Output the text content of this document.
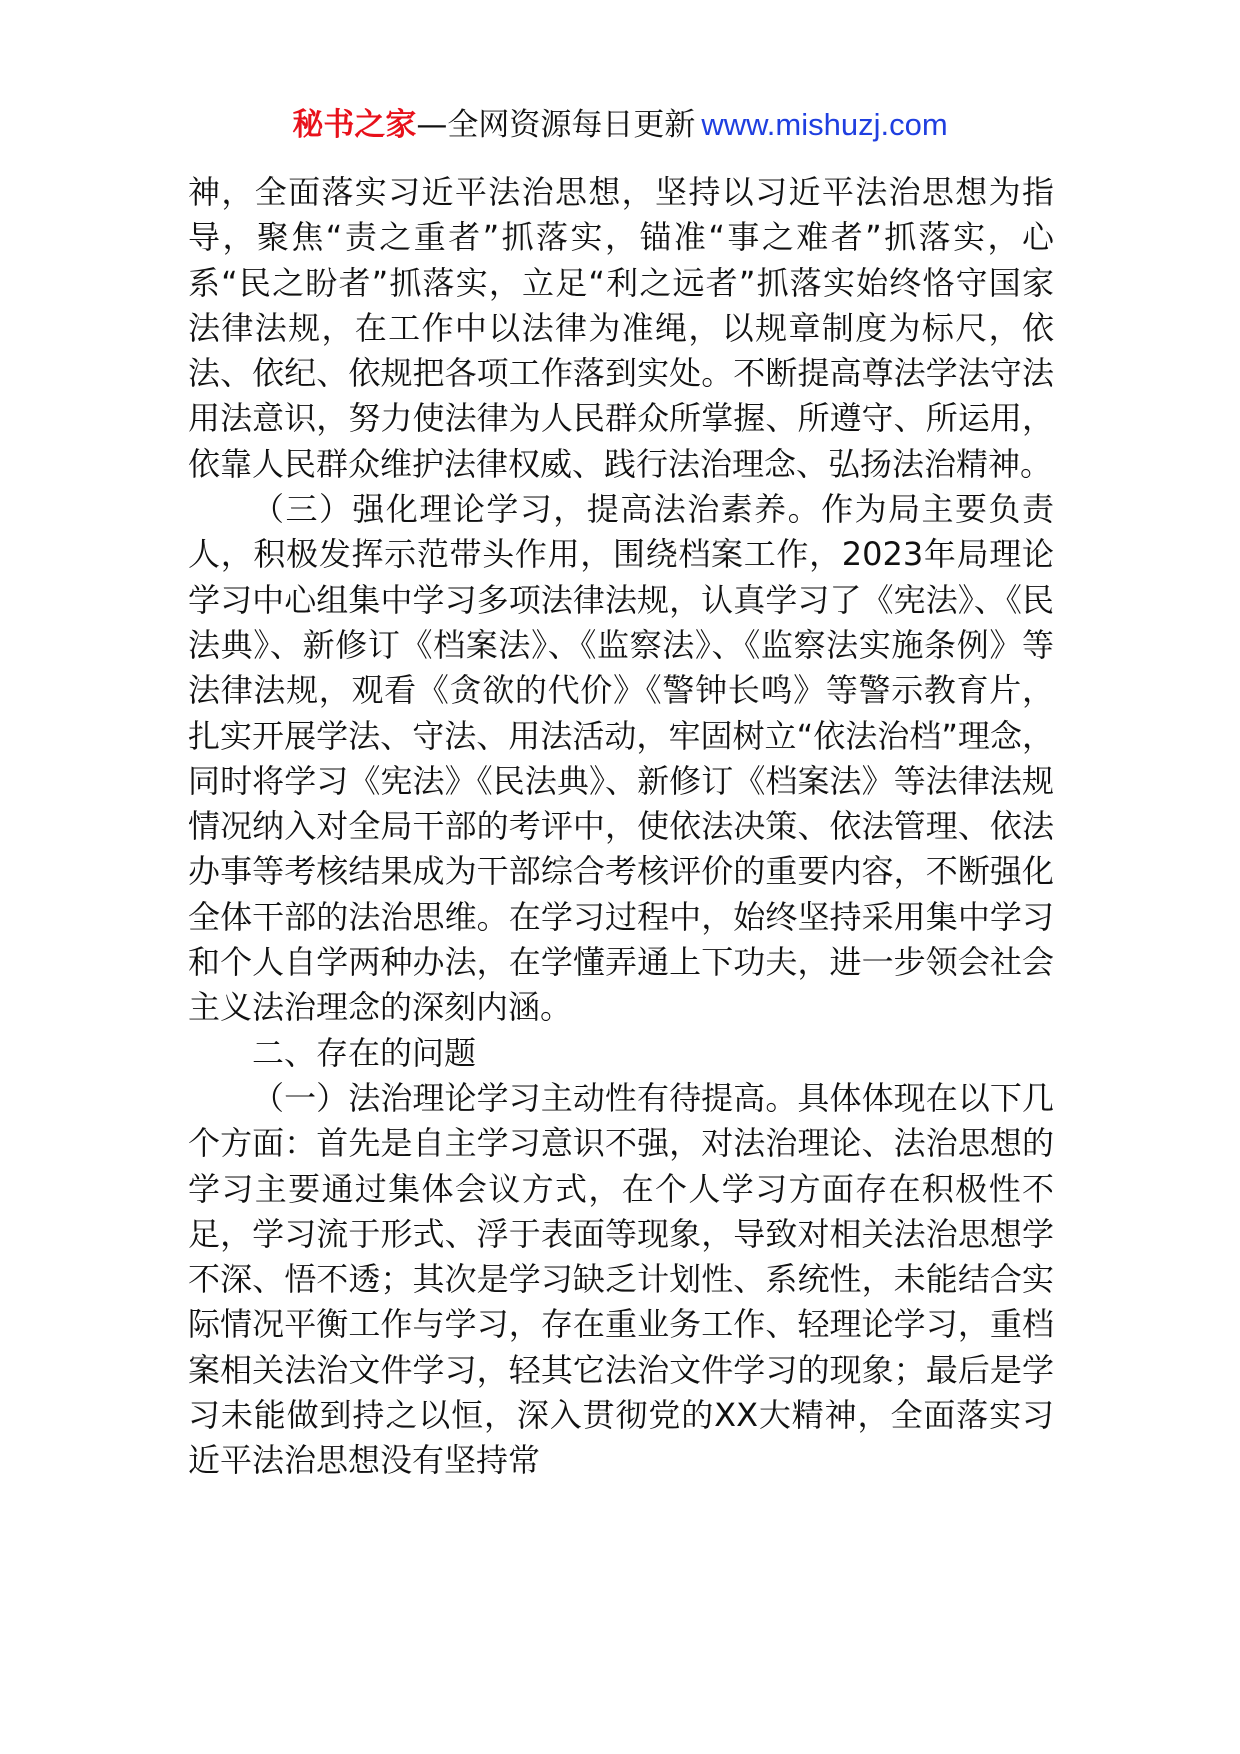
秘书之家—全网资源每日更新 www.mishuzj.com

神，全面落实习近平法治思想，坚持以习近平法治思想为指导，聚焦“责之重者”抓落实，锚准“事之难者”抓落实，心系“民之盼者”抓落实，立足“利之远者”抓落实始终恪守国家法律法规，在工作中以法律为准绳，以规章制度为标尺，依法、依纪、依规把各项工作落到实处。不断提高尊法学法守法用法意识，努力使法律为人民群众所掌握、所遵守、所运用，依靠人民群众维护法律权威、践行法治理念、弘扬法治精神。

（三）强化理论学习，提高法治素养。作为局主要负责人，积极发挥示范带头作用，围绕档案工作，2023年局理论学习中心组集中学习多项法律法规，认真学习了《宪法》、《民法典》、新修订《档案法》、《监察法》、《监察法实施条例》等法律法规，观看《贪欲的代价》《警钟长鸣》等警示教育片，扎实开展学法、守法、用法活动，牢固树立“依法治档”理念，同时将学习《宪法》《民法典》、新修订《档案法》等法律法规情况纳入对全局干部的考评中，使依法决策、依法管理、依法办事等考核结果成为干部综合考核评价的重要内容，不断强化全体干部的法治思维。在学习过程中，始终坚持采用集中学习和个人自学两种办法，在学懂弄通上下功夫，进一步领会社会主义法治理念的深刻内涵。

二、存在的问题

（一）法治理论学习主动性有待提高。具体体现在以下几个方面：首先是自主学习意识不强，对法治理论、法治思想的学习主要通过集体会议方式，在个人学习方面存在积极性不足，学习流于形式、浮于表面等现象，导致对相关法治思想学不深、悟不透；其次是学习缺乏计划性、系统性，未能结合实际情况平衡工作与学习，存在重业务工作、轻理论学习，重档案相关法治文件学习，轻其它法治文件学习的现象；最后是学习未能做到持之以恒，深入贯彻党的XX大精神，全面落实习近平法治思想没有坚持常
